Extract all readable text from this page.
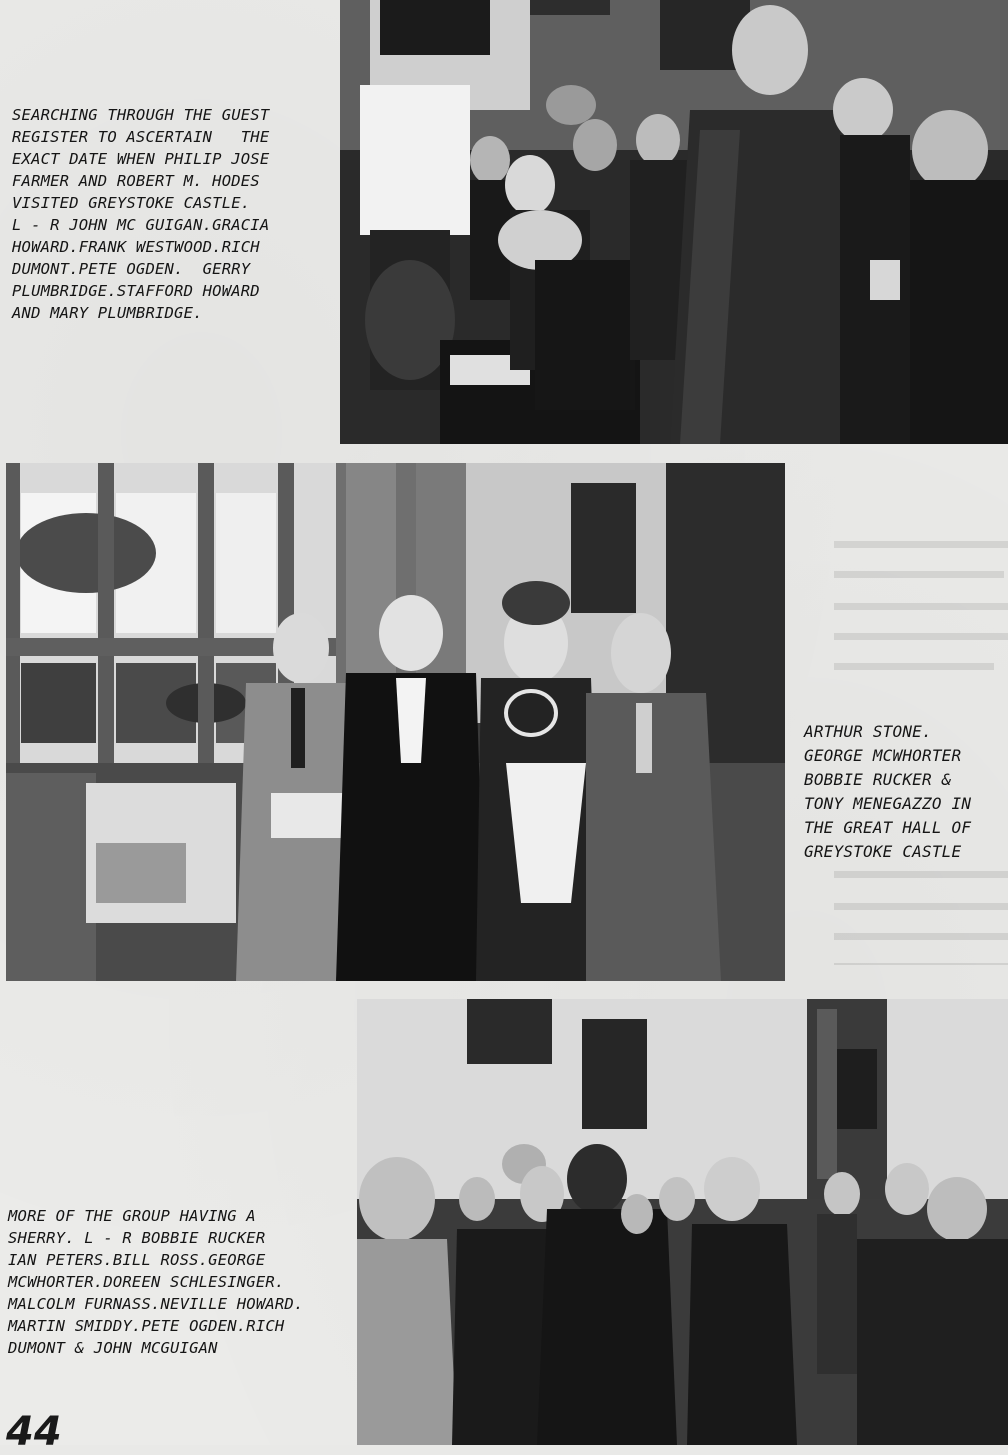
SEARCHING THROUGH THE GUEST
REGISTER TO ASCERTAIN   THE
EXACT DATE WHEN PHILIP JOSE
FARMER AND ROBERT M. HODES
VISITED GREYSTOKE CASTLE.
L - R JOHN MC GUIGAN.GRACIA
HOWARD.FRANK WESTWOOD.RICH
DUMONT.PETE OGDEN.  GERRY
PLUMBRIDGE.STAFFORD HOWARD
AND MARY PLUMBRIDGE.
ARTHUR STONE.
GEORGE MCWHORTER
BOBBIE RUCKER &
TONY MENEGAZZO IN
THE GREAT HALL OF
GREYSTOKE CASTLE
MORE OF THE GROUP HAVING A
SHERRY. L - R BOBBIE RUCKER
IAN PETERS.BILL ROSS.GEORGE
MCWHORTER.DOREEN SCHLESINGER.
MALCOLM FURNASS.NEVILLE HOWARD.
MARTIN SMIDDY.PETE OGDEN.RICH
DUMONT & JOHN MCGUIGAN
44
